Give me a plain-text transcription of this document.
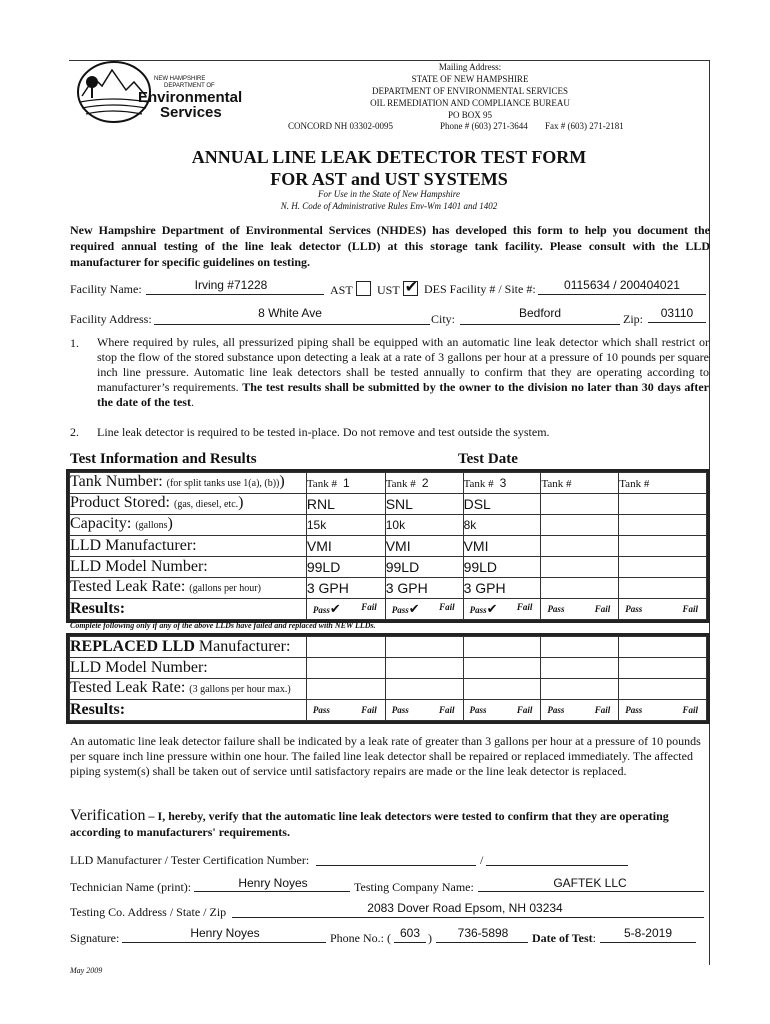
NEW HAMPSHIRE
DEPARTMENT OF
Environmental
Services
Mailing Address:
STATE OF NEW HAMPSHIRE
DEPARTMENT OF ENVIRONMENTAL SERVICES
OIL REMEDIATION AND COMPLIANCE BUREAU
PO BOX 95
CONCORD NH 03302-0095	Phone # (603) 271-3644 Fax # (603) 271-2181
ANNUAL LINE LEAK DETECTOR TEST FORM
FOR AST and UST SYSTEMS
For Use in the State of New Hampshire
N. H. Code of Administrative Rules Env-Wm 1401 and 1402

New Hampshire Department of Environmental Services (NHDES) has developed this form to help you document the required annual testing of the line leak detector (LLD) at this storage tank facility. Please consult with the LLD manufacturer for specific guidelines on testing.

Facility Name:	Irving #71228	AST	UST ✔ DES Facility # / Site #:	0115634 / 200404021
Facility Address:	8 White Ave	City:	Bedford	Zip:	03110
1. Where required by rules, all pressurized piping shall be equipped with an automatic line leak detector which shall restrict or stop the flow of the stored substance upon detecting a leak at a rate of 3 gallons per hour at a pressure of 10 pounds per square inch line pressure. Automatic line leak detectors shall be tested annually to confirm that they are operating according to manufacturer’s requirements. The test results shall be submitted by the owner to the division no later than 30 days after the date of the test.

2. Line leak detector is required to be tested in-place. Do not remove and test outside the system.

Test Information and Results	Test Date
Tank Number: (for split tanks use 1(a), (b)))	Tank # 1	Tank # 2	Tank # 3	Tank #	Tank #
Product Stored: (gas, diesel, etc.)	RNL	SNL	DSL		
Capacity: (gallons)	15k	10k	8k		
LLD Manufacturer:	VMI	VMI	VMI		
LLD Model Number:	99LD	99LD	99LD		
Tested Leak Rate: (gallons per hour)	3 GPH	3 GPH	3 GPH		
Results:	Pass✔ Fail	Pass✔ Fail	Pass✔ Fail	Pass Fail	Pass Fail
Complete following only if any of the above LLDs have failed and replaced with NEW LLDs.
REPLACED LLD Manufacturer:					
LLD Model Number:					
Tested Leak Rate: (3 gallons per hour max.)					
Results:	Pass Fail	Pass Fail	Pass Fail	Pass Fail	Pass Fail

An automatic line leak detector failure shall be indicated by a leak rate of greater than 3 gallons per hour at a pressure of 10 pounds per square inch line pressure within one hour. The failed line leak detector shall be repaired or replaced immediately. The affected piping system(s) shall be taken out of service until satisfactory repairs are made or the line leak detector is replaced.

Verification – I, hereby, verify that the automatic line leak detectors were tested to confirm that they are operating according to manufacturers' requirements.

LLD Manufacturer / Tester Certification Number:	/
Technician Name (print):	Henry Noyes	Testing Company Name:	GAFTEK LLC
Testing Co. Address / State / Zip	2083 Dover Road Epsom, NH 03234
Signature:	Henry Noyes	Phone No.: ( 603 )	736-5898	Date of Test:	5-8-2019
May 2009
